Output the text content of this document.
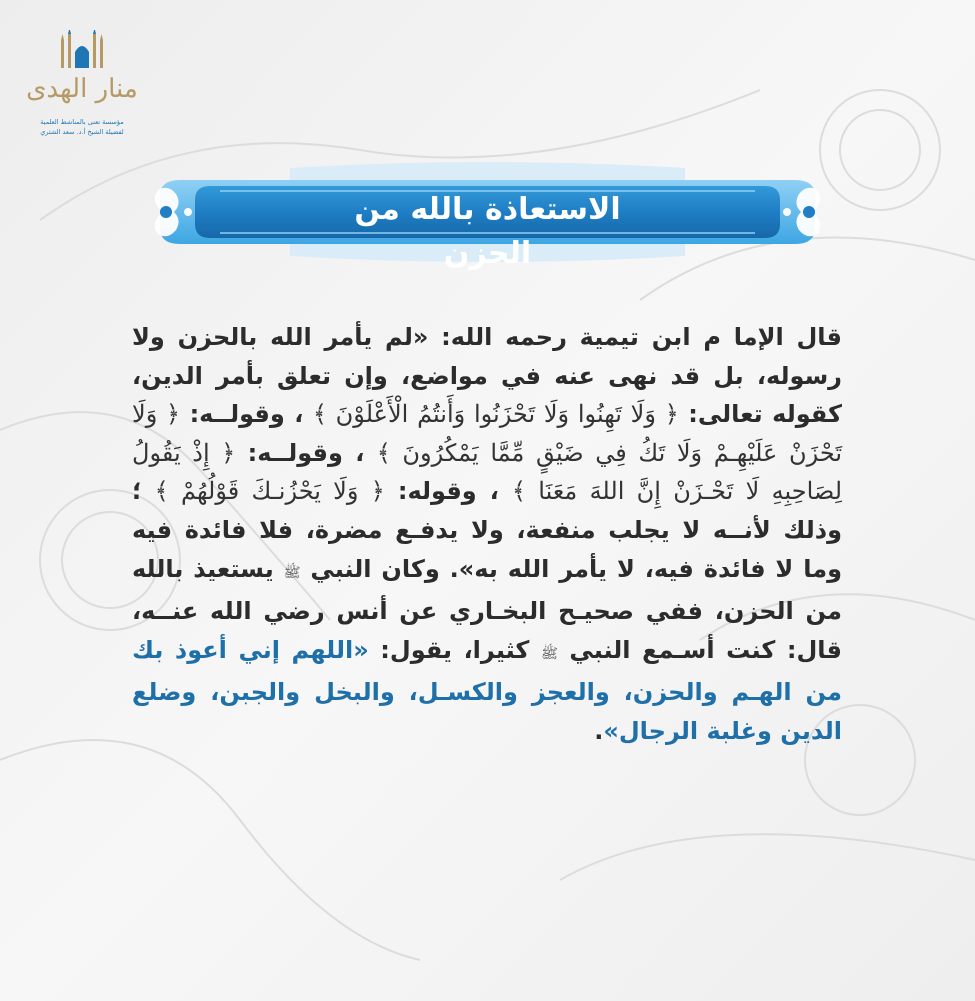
منار الهدى
مؤسسة تعنى بالمناشط العلمية
لفضيلة الشيخ أ.د. سعد الشثري
الاستعاذة بالله من الحزن
قال الإما م ابن تيمية رحمه الله: «لم يأمر الله بالحزن ولا رسوله، بل قد نهى عنه في مواضع، وإن تعلق بأمر الدين، كقوله تعالى: ﴿ وَلَا تَهِنُوا وَلَا تَحْزَنُوا وَأَنتُمُ الْأَعْلَوْنَ ﴾ ، وقولــه: ﴿ وَلَا تَحْزَنْ عَلَيْهِـمْ وَلَا تَكُ فِي ضَيْقٍ مِّمَّا يَمْكُرُونَ ﴾ ، وقولــه: ﴿ إِذْ يَقُولُ لِصَاحِبِهِ لَا تَحْـزَنْ إِنَّ اللهَ مَعَنَا ﴾ ، وقوله: ﴿ وَلَا يَحْزُنـكَ قَوْلُهُمْ ﴾ ؛ وذلك لأنــه لا يجلب منفعة، ولا يدفـع مضرة، فلا فائدة فيه وما لا فائدة فيه، لا يأمر الله به». وكان النبي ﷺ يستعيذ بالله من الحزن، ففي صحيـح البخـاري عن أنس رضي الله عنــه، قال: كنت أسـمع النبي ﷺ كثيرا، يقول: «اللهم إني أعوذ بك من الهـم والحزن، والعجز والكسـل، والبخل والجبن، وضلع الدين وغلبة الرجال».
